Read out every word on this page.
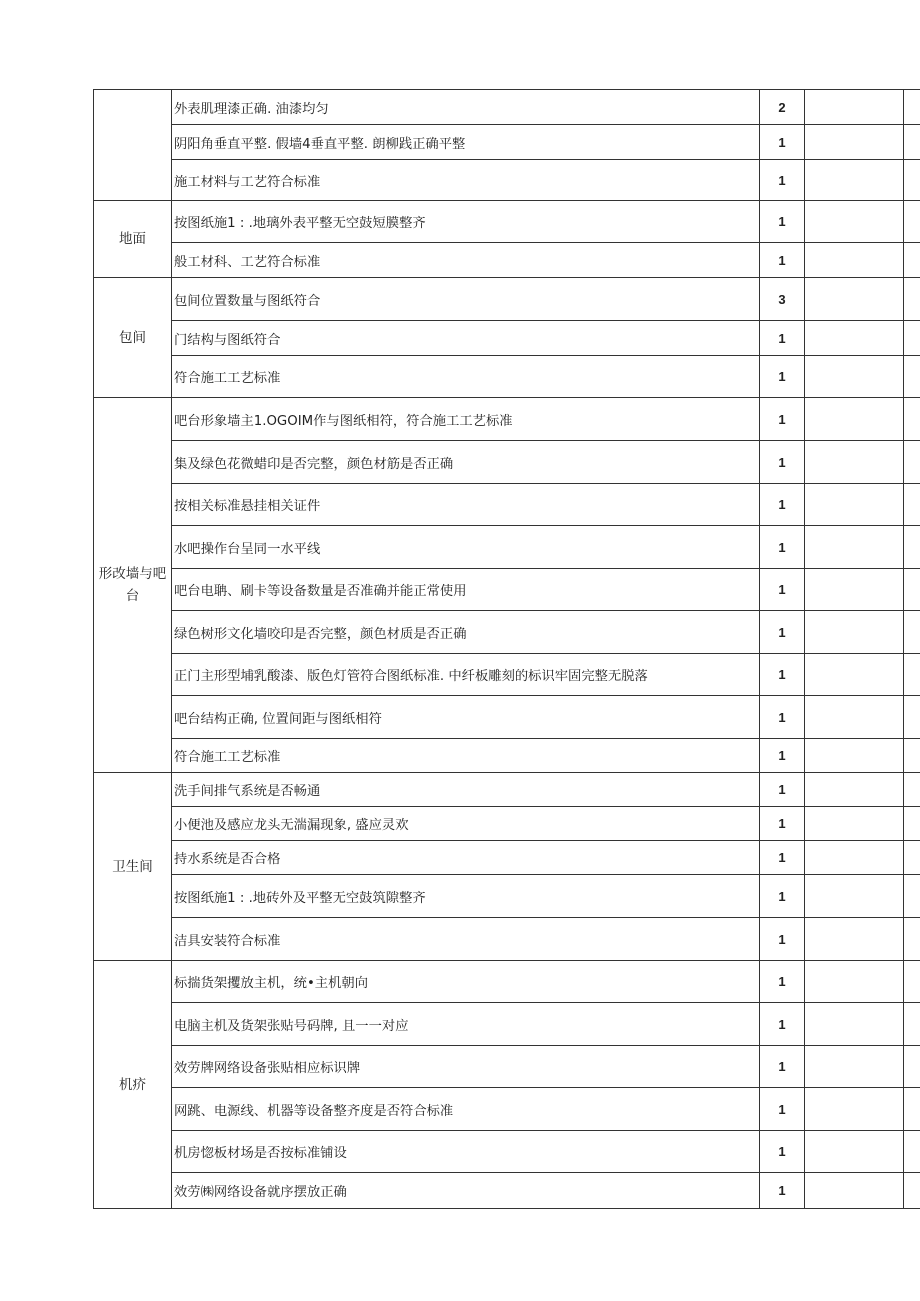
	外表肌理漆正确. 油漆均匀	2		
	阴阳角垂直平整. 假墙4垂直平整. 朗柳践正确平整	1		
	施工材料与工艺符合标准	1		
地面	按图纸施1 : .地璃外表平整无空鼓短膜整齐	1		
	般工材科、工艺符合标准	1		
包间	包间位置数量与图纸符合	3		
	门结构与图纸符合	1		
	符合施工工艺标准	1		
形改墙与吧台	吧台形象墙主1.OGOIM作与图纸相符，符合施工工艺标准	1		
	集及绿色花微蜡印是否完整，颜色材筋是否正确	1		
	按相关标准悬挂相关证件	1		
	水吧操作台呈同一水平线	1		
	吧台电聃、刷卡等设备数量是否准确并能正常使用	1		
	绿色树形文化墙咬印是否完整，颜色材质是否正确	1		
	正门主形型埔乳酸漆、版色灯管符合图纸标准. 中纤板雕刻的标识牢固完整无脱落	1		
	吧台结构正确, 位置间距与图纸相符	1		
	符合施工工艺标准	1		
卫生间	洗手间排气系统是否畅通	1		
	小便池及感应龙头无湍漏现象, 盛应灵欢	1		
	持水系统是否合格	1		
	按图纸施1 : .地砖外及平整无空鼓筑隙整齐	1		
	洁具安装符合标准	1		
机疥	标揣货架攫放主机，统•主机朝向	1		
	电脑主机及货架张贴号码牌, 且一一对应	1		
	效劳牌网络设备张贴相应标识牌	1		
	网跳、电源线、机器等设备整齐度是否符合标准	1		
	机房惚板材场是否按标准铺设	1		
	效劳㈱网络设备就序摆放正确	1		
